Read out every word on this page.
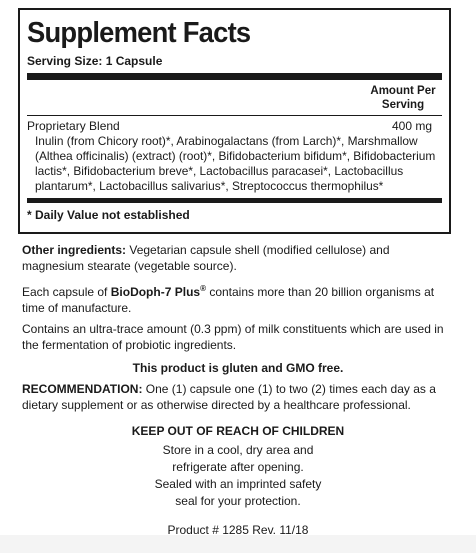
Supplement Facts
Serving Size: 1 Capsule
Amount Per
Serving
Proprietary Blend	400 mg
Inulin (from Chicory root)*, Arabinogalactans (from Larch)*, Marshmallow (Althea officinalis) (extract) (root)*, Bifidobacterium bifidum*, Bifidobacterium lactis*, Bifidobacterium breve*, Lactobacillus paracasei*, Lactobacillus plantarum*, Lactobacillus salivarius*, Streptococcus thermophilus*
* Daily Value not established
Other ingredients: Vegetarian capsule shell (modified cellulose) and magnesium stearate (vegetable source).
Each capsule of BioDoph-7 Plus® contains more than 20 billion organisms at time of manufacture.
Contains an ultra-trace amount (0.3 ppm) of milk constituents which are used in the fermentation of probiotic ingredients.
This product is gluten and GMO free.
RECOMMENDATION: One (1) capsule one (1) to two (2) times each day as a dietary supplement or as otherwise directed by a healthcare professional.
KEEP OUT OF REACH OF CHILDREN
Store in a cool, dry area and
refrigerate after opening.
Sealed with an imprinted safety
seal for your protection.
Product # 1285 Rev. 11/18
